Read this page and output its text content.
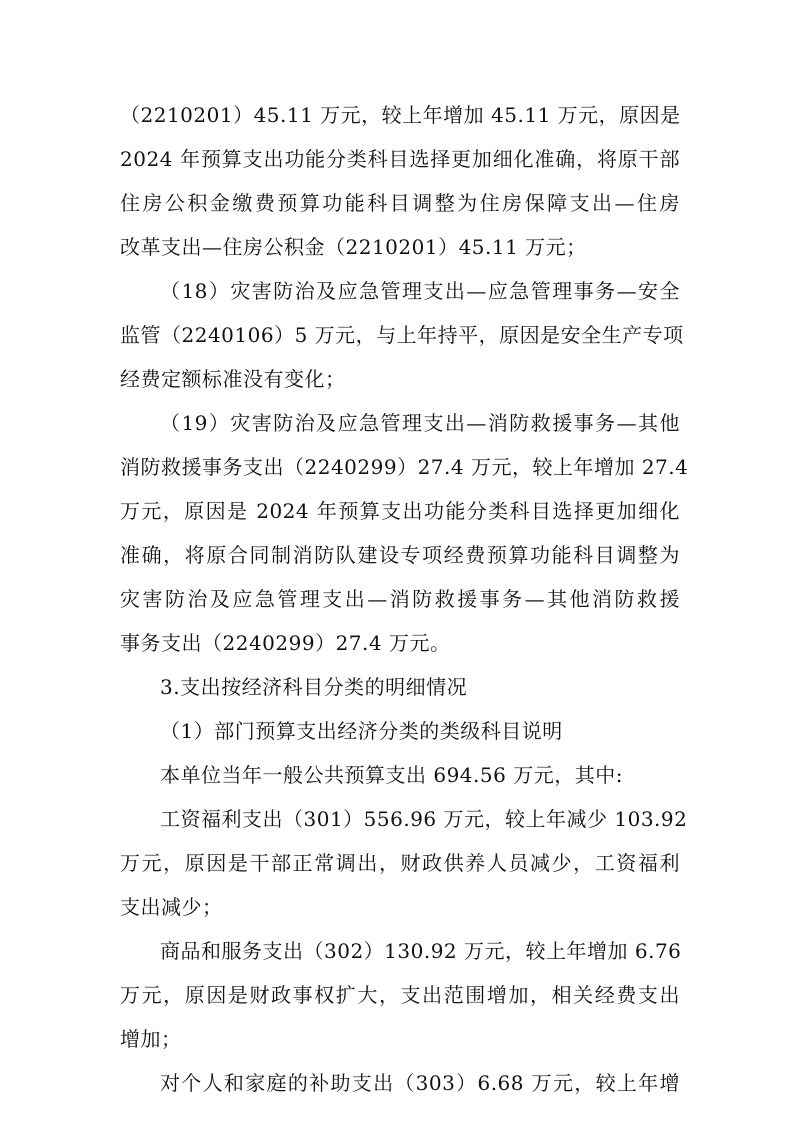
（2210201）45.11 万元，较上年增加 45.11 万元，原因是
2024 年预算支出功能分类科目选择更加细化准确，将原干部
住房公积金缴费预算功能科目调整为住房保障支出—住房
改革支出—住房公积金（2210201）45.11 万元；
（18）灾害防治及应急管理支出—应急管理事务—安全
监管（2240106）5 万元，与上年持平，原因是安全生产专项
经费定额标准没有变化；
（19）灾害防治及应急管理支出—消防救援事务—其他
消防救援事务支出（2240299）27.4 万元，较上年增加 27.4
万元，原因是 2024 年预算支出功能分类科目选择更加细化
准确，将原合同制消防队建设专项经费预算功能科目调整为
灾害防治及应急管理支出—消防救援事务—其他消防救援
事务支出（2240299）27.4 万元。
3.支出按经济科目分类的明细情况
（1）部门预算支出经济分类的类级科目说明
本单位当年一般公共预算支出 694.56 万元，其中:
工资福利支出（301）556.96 万元，较上年减少 103.92
万元，原因是干部正常调出，财政供养人员减少，工资福利
支出减少；
商品和服务支出（302）130.92 万元，较上年增加 6.76
万元，原因是财政事权扩大，支出范围增加，相关经费支出
增加；
对个人和家庭的补助支出（303）6.68 万元，较上年增
